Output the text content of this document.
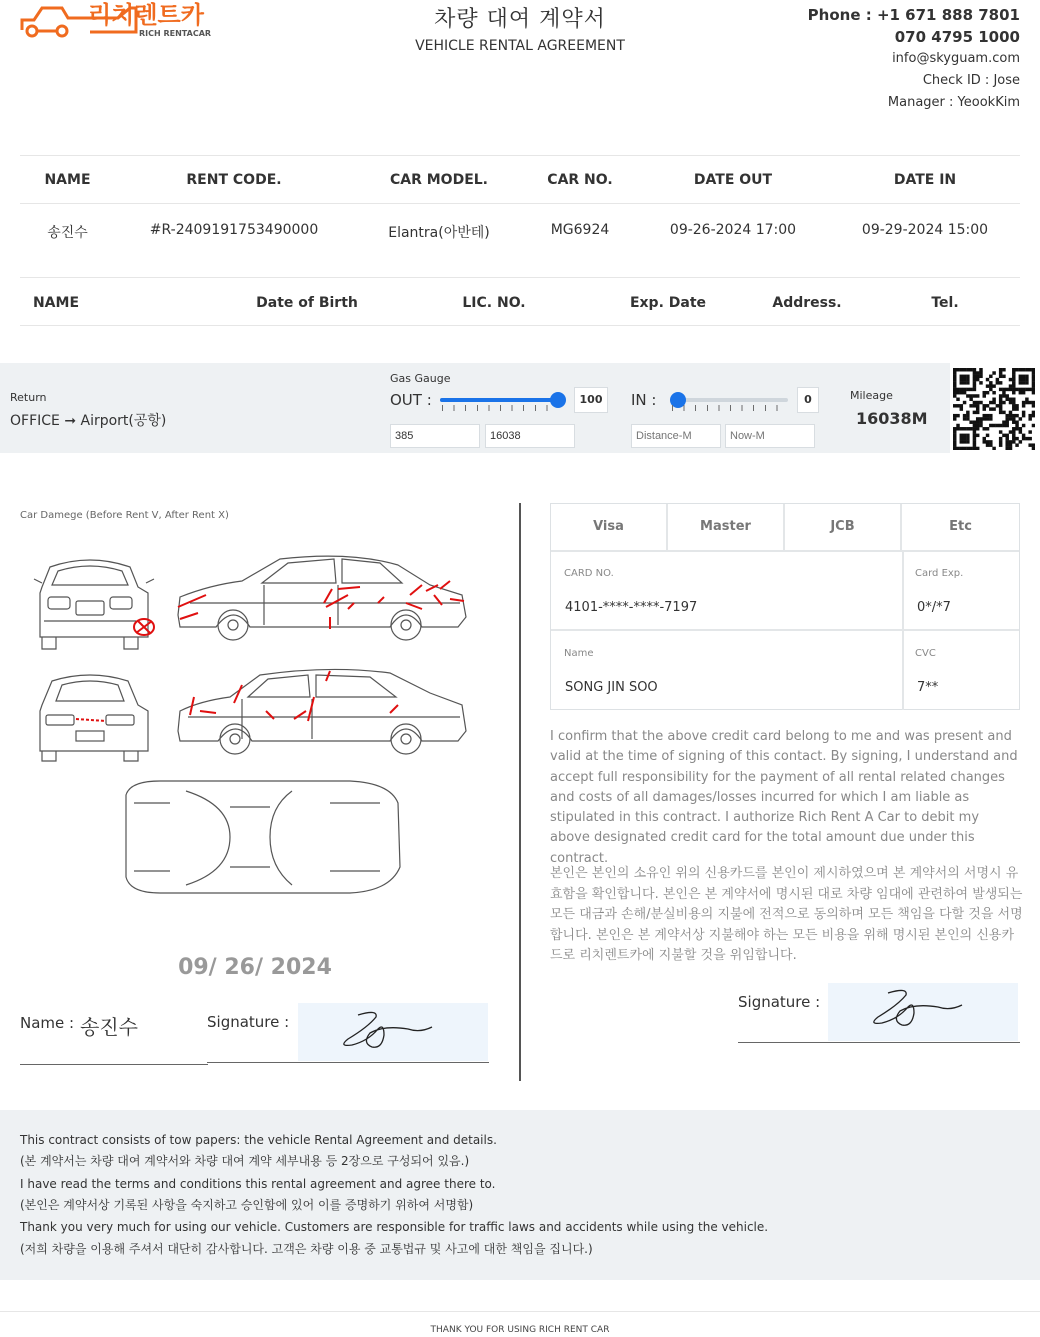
리치렌트카
RICH RENTACAR
차량 대여 계약서
VEHICLE RENTAL AGREEMENT
Phone : +1 671 888 7801
070 4795 1000
info@skyguam.com
Check ID : Jose
Manager : YeookKim
NAME	RENT CODE.	CAR MODEL.	CAR NO.	DATE OUT	DATE IN
송진수	#R-2409191753490000	Elantra(아반테)	MG6924	09-26-2024 17:00	09-29-2024 15:00
NAME	Date of Birth	LIC. NO.	Exp. Date	Address.	Tel.
Return
OFFICE ➞ Airport(공항)
Gas Gauge
OUT :	100
385
16038	IN :	0
Distance-M
Now-M	Mileage
16038M
Car Damege (Before Rent V, After Rent X)
09/ 26/ 2024
Name : 송진수	Signature :
Visa	Master	JCB	Etc
CARD NO.
4101-****-****-7197
Card Exp.
0*/*7
Name
SONG JIN SOO
CVC
7**
I confirm that the above credit card belong to me and was present and valid at the time of signing of this contact. By signing, I understand and accept full responsibility for the payment of all rental related changes and costs of all damages/losses incurred for which I am liable as stipulated in this contract. I authorize Rich Rent A Car to debit my above designated credit card for the total amount due under this contract.
본인은 본인의 소유인 위의 신용카드를 본인이 제시하였으며 본 계약서의 서명시 유효함을 확인합니다. 본인은 본 계약서에 명시된 대로 차량 임대에 관련하여 발생되는 모든 대금과 손해/분실비용의 지불에 전적으로 동의하며 모든 책임을 다할 것을 서명합니다. 본인은 본 계약서상 지불해야 하는 모든 비용을 위해 명시된 본인의 신용카드로 리치렌트카에 지불할 것을 위임합니다.
Signature :

This contract consists of tow papers: the vehicle Rental Agreement and details.

(본 계약서는 차량 대여 계약서와 차량 대여 계약 세부내용 등 2장으로 구성되어 있음.)

I have read the terms and conditions this rental agreement and agree there to.

(본인은 계약서상 기록된 사항을 숙지하고 승인함에 있어 이를 증명하기 위하여 서명함)

Thank you very much for using our vehicle. Customers are responsible for traffic laws and accidents while using the vehicle.

(저희 차량을 이용해 주셔서 대단히 감사합니다. 고객은 차량 이용 중 교통법규 및 사고에 대한 책임을 집니다.)

THANK YOU FOR USING RICH RENT CAR
